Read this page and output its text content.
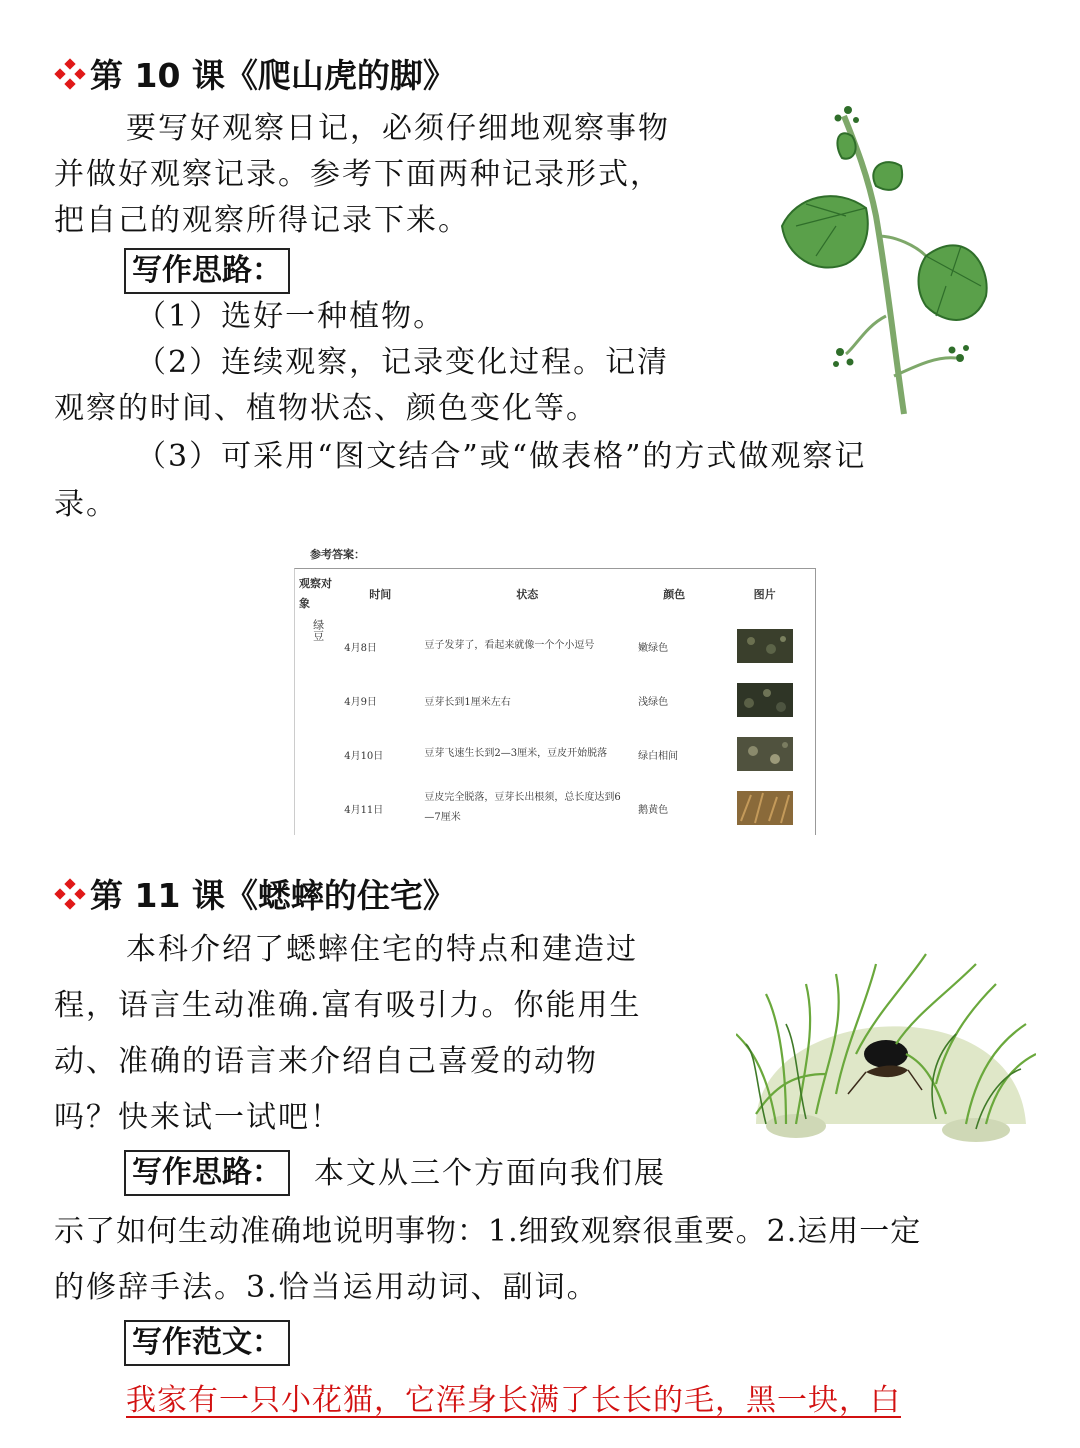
第 10 课《爬山虎的脚》
要写好观察日记，必须仔细地观察事物
并做好观察记录。参考下面两种记录形式，
把自己的观察所得记录下来。
写作思路：
（1）选好一种植物。
（2）连续观察，记录变化过程。记清
观察的时间、植物状态、颜色变化等。
（3）可采用“图文结合”或“做表格”的方式做观察记
录。
参考答案：
观察对象	时间	状态	颜色	图片
绿豆	4月8日	豆子发芽了，看起来就像一个个小逗号	嫩绿色	

	4月9日	豆芽长到1厘米左右	浅绿色	

	4月10日	豆芽飞速生长到2—3厘米，豆皮开始脱落	绿白相间	

	4月11日	豆皮完全脱落，豆芽长出根须，总长度达到6—7厘米	鹅黄色	
第 11 课《蟋蟀的住宅》
本科介绍了蟋蟀住宅的特点和建造过
程，语言生动准确.富有吸引力。你能用生
动、准确的语言来介绍自己喜爱的动物
吗？快来试一试吧！
写作思路： 本文从三个方面向我们展
示了如何生动准确地说明事物：1.细致观察很重要。2.运用一定
的修辞手法。3.恰当运用动词、副词。
写作范文：
我家有一只小花猫，它浑身长满了长长的毛，黑一块，白
